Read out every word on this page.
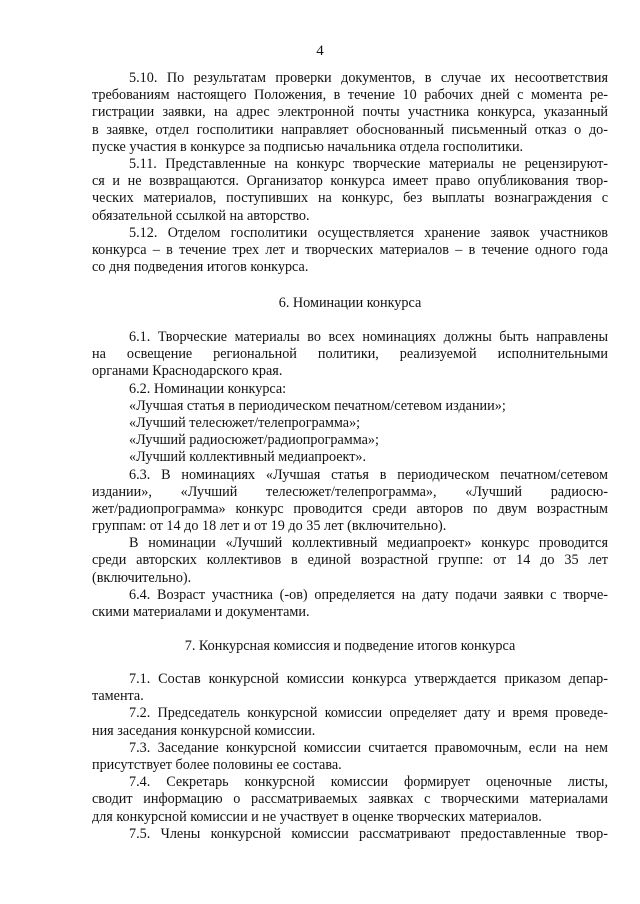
4
5.10. По результатам проверки документов, в случае их несоответствия
требованиям настоящего Положения, в течение 10 рабочих дней с момента ре-
гистрации заявки, на адрес электронной почты участника конкурса, указанный
в заявке, отдел госполитики направляет обоснованный письменный отказ о до-
пуске участия в конкурсе за подписью начальника отдела госполитики.
5.11. Представленные на конкурс творческие материалы не рецензируют-
ся и не возвращаются. Организатор конкурса имеет право опубликования твор-
ческих материалов, поступивших на конкурс, без выплаты вознаграждения с
обязательной ссылкой на авторство.
5.12. Отделом госполитики осуществляется хранение заявок участников
конкурса – в течение трех лет и творческих материалов – в течение одного года
со дня подведения итогов конкурса.
6. Номинации конкурса
6.1. Творческие материалы во всех номинациях должны быть направлены
на освещение региональной политики, реализуемой исполнительными
органами Краснодарского края.
6.2. Номинации конкурса:
«Лучшая статья в периодическом печатном/сетевом издании»;
«Лучший телесюжет/телепрограмма»;
«Лучший радиосюжет/радиопрограмма»;
«Лучший коллективный медиапроект».
6.3. В номинациях «Лучшая статья в периодическом печатном/сетевом
издании», «Лучший телесюжет/телепрограмма», «Лучший радиосю-
жет/радиопрограмма» конкурс проводится среди авторов по двум возрастным
группам: от 14 до 18 лет и от 19 до 35 лет (включительно).
В номинации «Лучший коллективный медиапроект» конкурс проводится
среди авторских коллективов в единой возрастной группе: от 14 до 35 лет
(включительно).
6.4. Возраст участника (-ов) определяется на дату подачи заявки с творче-
скими материалами и документами.
7. Конкурсная комиссия и подведение итогов конкурса
7.1. Состав конкурсной комиссии конкурса утверждается приказом депар-
тамента.
7.2. Председатель конкурсной комиссии определяет дату и время проведе-
ния заседания конкурсной комиссии.
7.3. Заседание конкурсной комиссии считается правомочным, если на нем
присутствует более половины ее состава.
7.4. Секретарь конкурсной комиссии формирует оценочные листы,
сводит информацию о рассматриваемых заявках с творческими материалами
для конкурсной комиссии и не участвует в оценке творческих материалов.
7.5. Члены конкурсной комиссии рассматривают предоставленные твор-
